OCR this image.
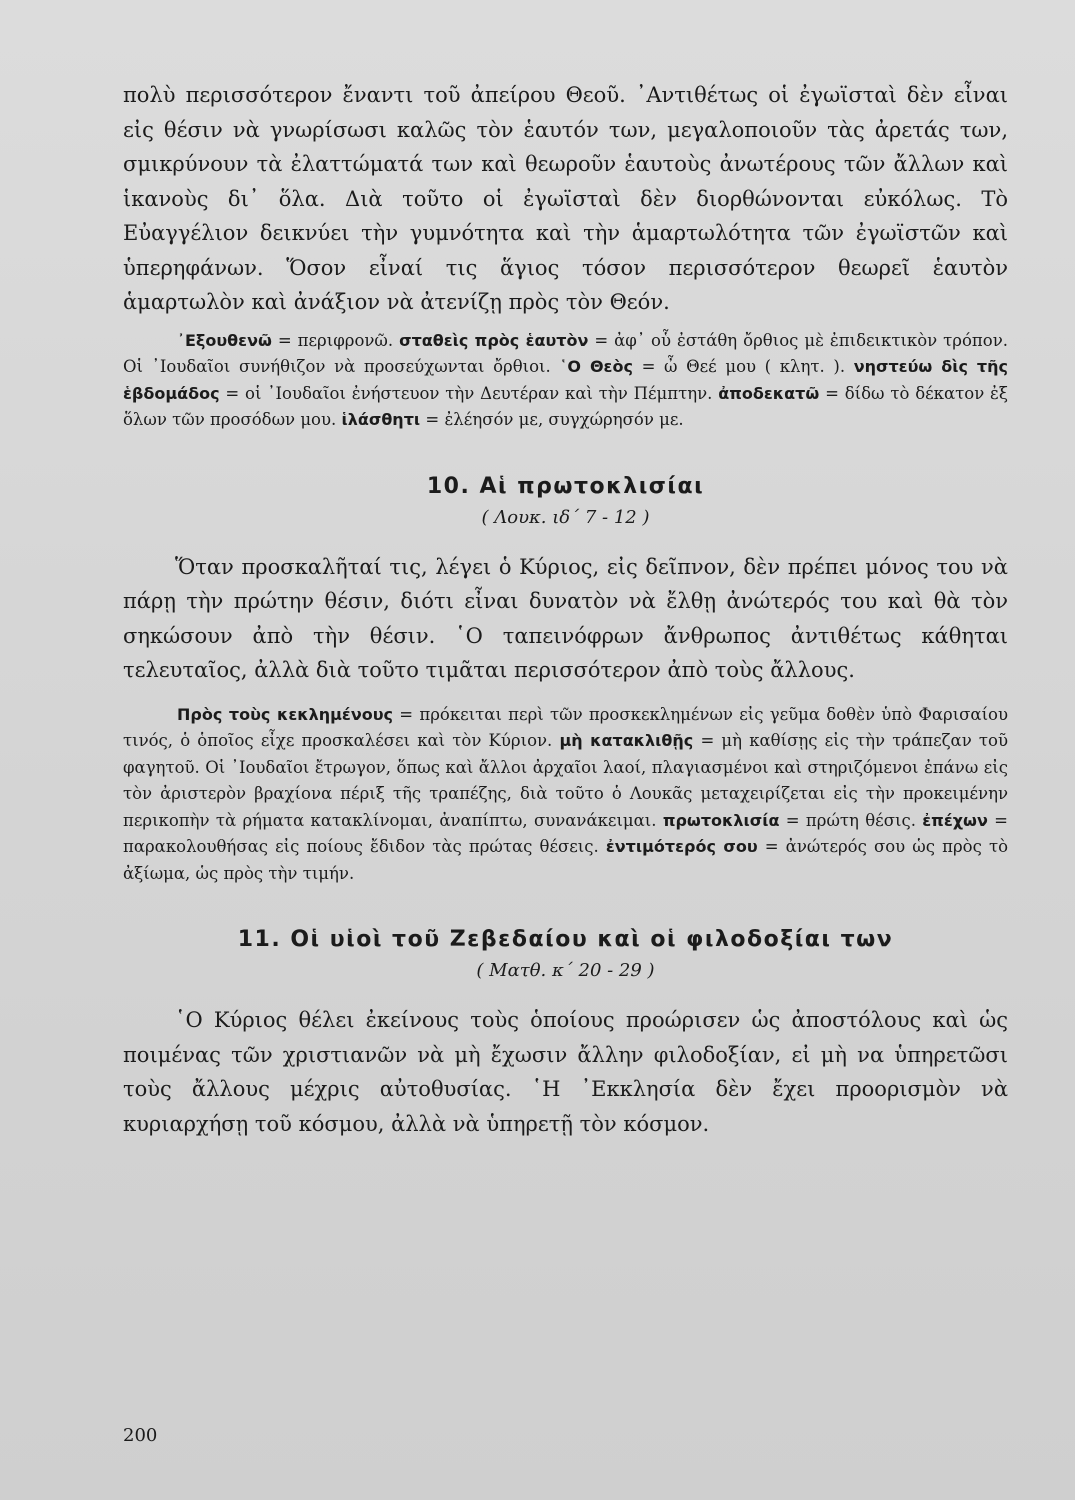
πολὺ περισσότερον ἔναντι τοῦ ἀπείρου Θεοῦ. ᾿Αντιθέτως οἱ ἐγωϊσταὶ δὲν εἶναι εἰς θέσιν νὰ γνωρίσωσι καλῶς τὸν ἑαυτόν των, μεγαλοποιοῦν τὰς ἀρετάς των, σμικρύνουν τὰ ἐλαττώματά των καὶ θεωροῦν ἑαυτοὺς ἀνωτέρους τῶν ἄλλων καὶ ἱκανοὺς δι᾿ ὅλα. Διὰ τοῦτο οἱ ἐγωϊσταὶ δὲν διορθώνονται εὐκόλως. Τὸ Εὐαγγέλιον δεικνύει τὴν γυμνότητα καὶ τὴν ἁμαρτωλότητα τῶν ἐγωϊστῶν καὶ ὑπερηφάνων. Ὅσον εἶναί τις ἅγιος τόσον περισσότερον θεωρεῖ ἑαυτὸν ἁμαρτωλὸν καὶ ἀνάξιον νὰ ἀτενίζῃ πρὸς τὸν Θεόν.

᾿Εξουθενῶ = περιφρονῶ. σταθεὶς πρὸς ἑαυτὸν = ἀφ᾿ οὗ ἐστάθη ὄρθιος μὲ ἐπιδεικτικὸν τρόπον. Οἱ ᾿Ιουδαῖοι συνήθιζον νὰ προσεύχωνται ὄρθιοι. ῾Ο Θεὸς = ὦ Θεέ μου ( κλητ. ). νηστεύω δὶς τῆς ἑβδομάδος = οἱ ᾿Ιουδαῖοι ἐνήστευον τὴν Δευτέραν καὶ τὴν Πέμπτην. ἀποδεκατῶ = δίδω τὸ δέκατον ἐξ ὅλων τῶν προσόδων μου. ἱλάσθητι = ἐλέησόν με, συγχώρησόν με.

10. Αἱ πρωτοκλισίαι
( Λουκ. ιδ΄ 7 - 12 )

Ὅταν προσκαλῆταί τις, λέγει ὁ Κύριος, εἰς δεῖπνον, δὲν πρέπει μόνος του νὰ πάρῃ τὴν πρώτην θέσιν, διότι εἶναι δυνατὸν νὰ ἔλθῃ ἀνώτερός του καὶ θὰ τὸν σηκώσουν ἀπὸ τὴν θέσιν. ῾Ο ταπεινόφρων ἄνθρωπος ἀντιθέτως κάθηται τελευταῖος, ἀλλὰ διὰ τοῦτο τιμᾶται περισσότερον ἀπὸ τοὺς ἄλλους.

Πρὸς τοὺς κεκλημένους = πρόκειται περὶ τῶν προσκεκλημένων εἰς γεῦμα δοθὲν ὑπὸ Φαρισαίου τινός, ὁ ὁποῖος εἶχε προσκαλέσει καὶ τὸν Κύριον. μὴ κατακλιθῇς = μὴ καθίσῃς εἰς τὴν τράπεζαν τοῦ φαγητοῦ. Οἱ ᾿Ιουδαῖοι ἔτρωγον, ὅπως καὶ ἄλλοι ἀρχαῖοι λαοί, πλαγιασμένοι καὶ στηριζόμενοι ἐπάνω εἰς τὸν ἀριστερὸν βραχίονα πέριξ τῆς τραπέζης, διὰ τοῦτο ὁ Λουκᾶς μεταχειρίζεται εἰς τὴν προκειμένην περικοπὴν τὰ ρήματα κατακλίνομαι, ἀναπίπτω, συνανάκειμαι. πρωτοκλισία = πρώτη θέσις. ἐπέχων = παρακολουθήσας εἰς ποίους ἔδιδον τὰς πρώτας θέσεις. ἐντιμότερός σου = ἀνώτερός σου ὡς πρὸς τὸ ἀξίωμα, ὡς πρὸς τὴν τιμήν.

11. Οἱ υἱοὶ τοῦ Ζεβεδαίου καὶ οἱ φιλοδοξίαι των
( Ματθ. κ΄ 20 - 29 )

῾Ο Κύριος θέλει ἐκείνους τοὺς ὁποίους προώρισεν ὡς ἀποστόλους καὶ ὡς ποιμένας τῶν χριστιανῶν νὰ μὴ ἔχωσιν ἄλλην φιλοδοξίαν, εἰ μὴ να ὑπηρετῶσι τοὺς ἄλλους μέχρις αὐτοθυσίας. ῾Η ᾿Εκκλησία δὲν ἔχει προορισμὸν νὰ κυριαρχήσῃ τοῦ κόσμου, ἀλλὰ νὰ ὑπηρετῇ τὸν κόσμον.

200
